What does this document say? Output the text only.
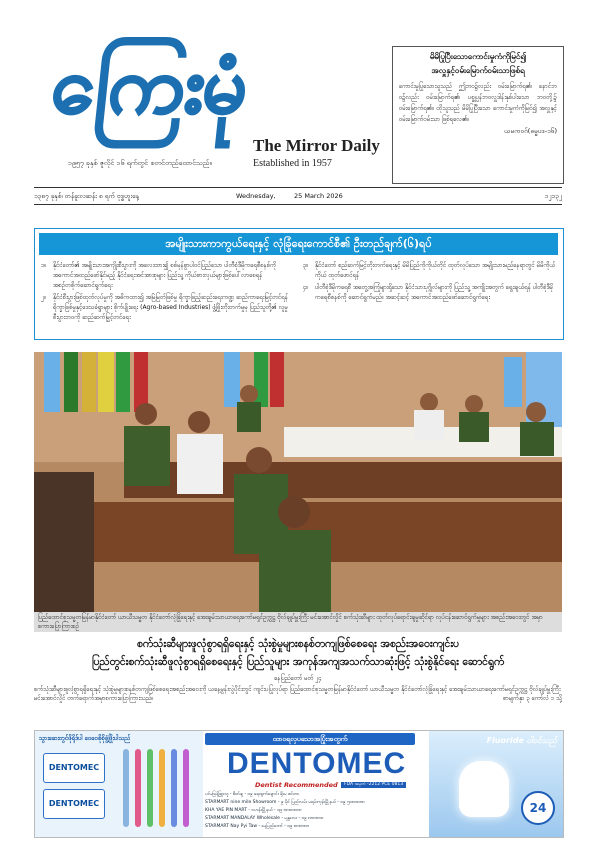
ကြေးမုံ
The Mirror Daily
Established in 1957
၁၉၅၇ ခုနှစ် ဇူလိုင် ၁၆ ရက်တွင် စတင်တည်ထောင်သည်။
မိမိပြုပြီးသောကောင်းမှုကံကိုမြင်၍
အလှူနှင့်ဝမ်းမြောက်ဝမ်းသာဖြစ်ရ
ကောင်းမှုပြုသောသူသည် ဤဘဝ၌လည်း ဝမ်းမြောက်ရ၏၊ နောင်ဘဝ၌လည်း ဝမ်းမြောက်ရ၏၊ ပစ္စုပ္ပန်ဘဝလှူဒါန်းနှစ်ပါးသော ဘဝတို့၌ ဝမ်းမြောက်ရ၏။ ထိုသူသည် မိမိပြုပြီးသော ကောင်းမှုကံကိုမြင်၍ အလှူနှင့် ဝမ်းမြောက်ဝမ်းသာ ဖြစ်ရလေ၏။
ယမကဝဂ်(ဓမ္မပဒ-၁၆)
၁၃၈၇ ခုနှစ်၊ တန်ခူးလဆန်း ၈ ရက် ဗုဒ္ဓဟူးနေ့	Wednesday,	25 March 2026	၁၂၁၃၂
အမျိုးသားကာကွယ်ရေးနှင့် လုံခြုံရေးကောင်စီ၏ ဦးတည်ချက်(၆)ရပ်
၁။	နိုင်ငံတော်၏ အမျိုးသားအကျိုးစီးပွားကို အလေးထား၍ စစ်မှန်စွာပါဝင်ပြည်သော ပါတီစုံဒီမိုကရေစီစနစ်ကို အကောင်အထည်ဖော်နိုင်မည့် နိုင်ငံရေးအင်အားစုများ ပြည်သူ့ ကိုယ်စားလှယ်များဖြစ်ပေါ်လာစေရန် အစဉ်တစိုက်ဆောင်ရွက်ရေး
၂။	နိုင်ငံစီးပွားဖြစ်ထုတ်လုပ်မှုကို အဓိကထား၍ အမြဲမြတ်ဖြစ်မှု ရိက္ခာဖြည့်ဆည်းရေးကဏ္ဍ ဆည်ကာရေးမြင့်တင်ရန် ရိက္ခာဖြစ်မှုနှင့်ဒေသခံရွာများ စိုက်ပျိုးရေး (Agro-based Industries) ဖွံ့ဖြိုးတိုးတက်မှုမှ ပြည်သူတို့၏ လူမှုစီးပွားဘဝကို ဆည်ဆက်မြှင့်တင်ရေး
၃။	နိုင်ငံတော် စည်ဆက်မြင့်တိုးတက်ရေးနှင့် မိမိပြည်ကိုကိုယ်တိုင် ထုတ်လုပ်သော အမျိုးသားမည်နေရာတွင် မိမိကိုယ်ကိုယ် ထုတ်ဖောင်ရန်
၄။	ပါတီစုံဒီမိုကရေစီ အတွေ့အကြုံများရှိသော နိုင်ငံသားပုဂ္ဂိုလ်များကို ပြည်သူ့ အကျိုးအတွက် ရွေးချယ်ရန် ပါတီစုံဒီမိုကရေစီစနစ်ကို ဆောင်ရွက်မည်။ အဆင့်ဆင့် အကောင်အထည်ဖော်ဆောင်ရွက်ရေး
ပြည်ထောင်စုသမ္မတမြန်မာနိုင်ငံတော် ယာယီသမ္မတ နိုင်ငံတော်လုံခြုံရေးနှင့် အေးချမ်းသာယာရေးကော်မရှင်ဥက္ကဋ္ဌ ဗိုလ်ချုပ်မှူးကြီး မင်းအောင်လှိုင် စက်သုံးဆီများ ထုတ်လုပ်ရောင်းချမှုဆိုင်ရာ လုပ်ငန်းဆောင်ရွက်မှုများ အစည်းအဝေးတွင် အမှာစကားပြောကြားစဉ်
စက်သုံးဆီများဖူလုံစွာရရှိရေးနှင့် သုံးစွဲမှုများစနစ်တကျဖြစ်စေရေး အစည်းအဝေးကျင်းပ
ပြည်တွင်းစက်သုံးဆီဖူလုံစွာရရှိစေရေးနှင့် ပြည်သူများ အကုန်အကျအသက်သာဆုံးဖြင့် သုံးစွဲနိုင်ရေး ဆောင်ရွက်
နေပြည်တော် မတ် ၂၄
စက်သုံးဆီများဖူလုံစွာရရှိရေးနှင့် သုံးစွဲမှုများစနစ်တကျဖြစ်စေရေးအစည်းအဝေးကို ယနေ့မွန်းလွဲပိုင်းတွင် ကျင်းပပြုလုပ်ရာ ပြည်ထောင်စုသမ္မတမြန်မာနိုင်ငံတော် ယာယီသမ္မတ နိုင်ငံတော်လုံခြုံရေးနှင့် အေးချမ်းသာယာရေးကော်မရှင်ဥက္ကဋ္ဌ ဗိုလ်ချုပ်မှူးကြီး မင်းအောင်လှိုင် တက်ရောက်အမှာစကားပြောကြားသည်။	စာမျက်နှာ ၃ ကော်လံ ၁ သို့
သွားဆေးတွင်ဖိုရိုဒ်ပါ ဝေဝေစိုစိုဖွံ့ဖြိုးပါသည်
DENTOMEC
DENTOMEC
ထာဝရလှပသောအပြုံးအတွက်
DENTOMEC
Dentist Recommended	FDA အမှတ် -2212 PCE 0813
ပင်မဖြန့်ဖြူးသူ - စိတ်ချ - ၀၉ ရေထွက်ချောင်း ရိုးမ စင်တာ
STARMART nine mile Showroom - ၉ မိုင် ပြည်လမ်း မရမ်းကုန်းမြို့နယ် - ၀၉ ၅၀၈၈၈၈၈
KHA YAE PIN MART - ဗဟန်းမြို့နယ် - ၀၉ ၈၈၈၈၈၈၈
STARMART MANDALAY Wholesale - မန္တလေး - ၀၉ ၈၈၈၈၈၈
STARMART Nay Pyi Taw - နေပြည်တော် - ၀၉ ၈၈၈၈၈၈
Fluoride ပါဝင်သည်
24
